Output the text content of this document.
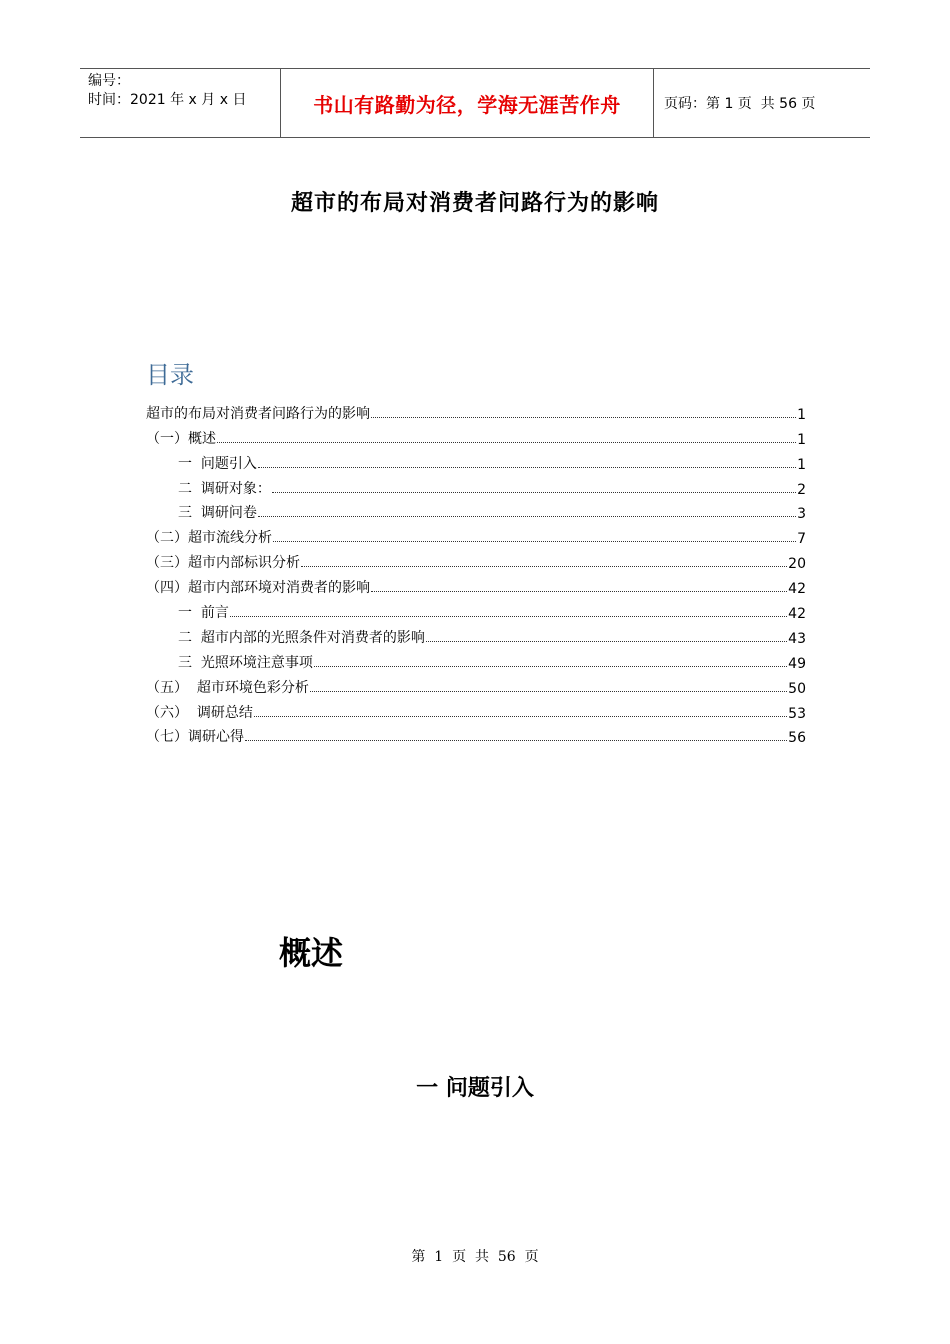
编号：
时间：2021 年 x 月 x 日	书山有路勤为径，学海无涯苦作舟	页码：第 1 页  共 56 页
超市的布局对消费者问路行为的影响
目录
超市的布局对消费者问路行为的影响	1
（一）概述	1
一  问题引入	1
二  调研对象：	2
三  调研问卷	3
（二）超市流线分析	7
（三）超市内部标识分析	20
（四）超市内部环境对消费者的影响	42
一  前言	42
二  超市内部的光照条件对消费者的影响	43
三  光照环境注意事项	49
（五）  超市环境色彩分析	50
（六）  调研总结	53
（七）调研心得	56
概述
一 问题引入
第  1  页  共  56  页
